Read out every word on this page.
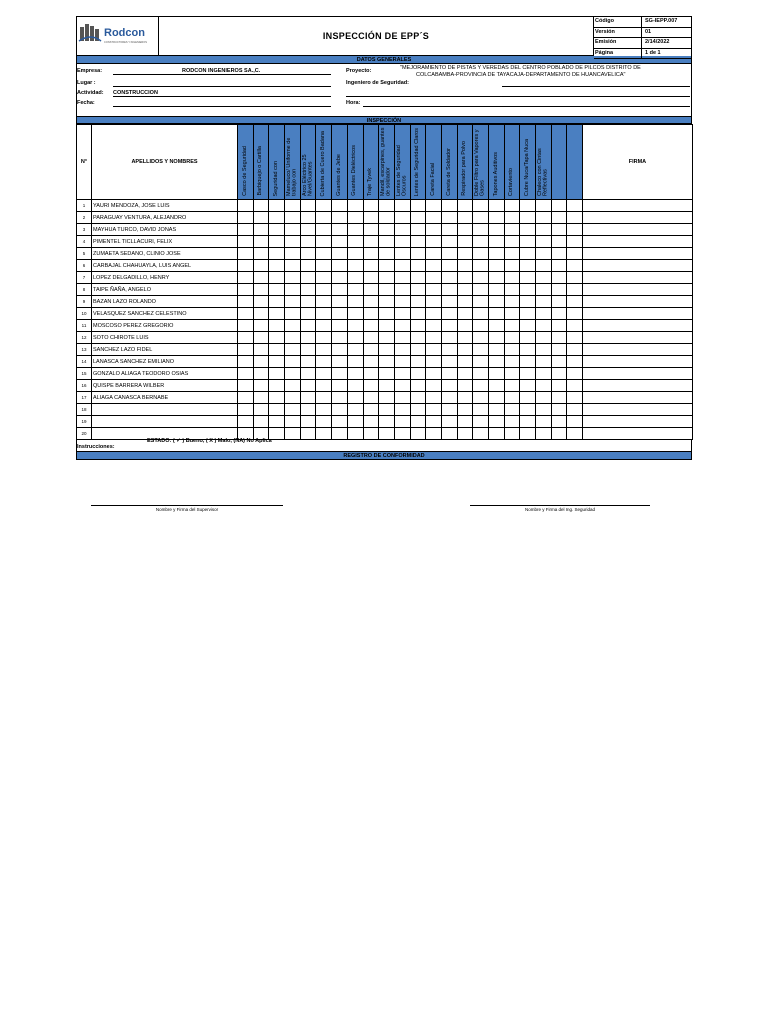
Rodcon
CONSTRUCTORES Y INGENIEROS
INSPECCIÓN DE EPP´S
Código	SG-IEPP.007
Versión	01
Emisión	2/14/2022
Página	1 de 1
DATOS GENERALES
Empresa:	RODCON INGENIEROS SA.,C.	Proyecto:	"MEJORAMIENTO DE PISTAS Y VEREDAS DEL CENTRO POBLADO DE PILCOS DISTRITO DE
COLCABAMBA-PROVINCIA DE TAYACAJA-DEPARTAMENTO DE HUANCAVELICA"
Lugar :	Ingeniero de Seguridad:
Actividad: CONSTRUCCION
Fecha:	Hora:
INSPECCIÓN
N°	APELLIDOS Y NOMBRES	Casco de Seguridad	Barbiquejo o Cartilla	Seguridad con	Mameluco/ Uniforme de trabajo con	Arco Eléctrico 25 Nivel/Guantes	Cubierta de Cuero Badana	Guantes de Jebe	Guantes Dieléctricos	Traje Tyvek	Mandil, escarpines, guantes de soldador	Lentes de Seguridad Oscuros	Lentes de Seguridad Claros	Careta Facial	Careta de Soldador	Respirador para Polvo	Doble Filtro para Vapores y Gases	Tapones Auditivos	Cortaviento	Cubre Nuca/Tapa Nuca	Chaleco con Cintas Reflectivas			FIRMA
1	YAURI MENDOZA, JOSE LUIS																							
2	PARAGUAY VENTURA, ALEJANDRO																							
3	MAYHUA TURCO, DAVID JONAS																							
4	PIMENTEL TICLLACURI, FELIX																							
5	ZUMAETA SEDANO, CLINIO JOSE																							
6	CARBAJAL CHAHUAYLA, LUIS ANGEL																							
7	LOPEZ DELGADILLO, HENRY																							
8	TAIPE ÑAÑA, ANGELO																							
9	BAZAN LAZO ROLANDO																							
10	VELASQUEZ SANCHEZ CELESTINO																							
11	MOSCOSO PEREZ GREGORIO																							
12	SOTO CHIROTE LUIS																							
13	SANCHEZ LAZO FIDEL																							
14	LANASCA SANCHEZ EMILIANO																							
15	GONZALO ALIAGA TEODORO OSIAS																							
16	QUISPE BARRERA WILBER																							
17	ALIAGA CANASCA BERNABE																							
18																								
19																								
20																								
ESTADO: ( ✓ ) Bueno, ( X ) Malo, (NA) No Aplica
Instrucciones:
REGISTRO DE CONFORMIDAD
Nombre y Firma del Supervisor	Nombre y Firma del Ing. Seguridad
